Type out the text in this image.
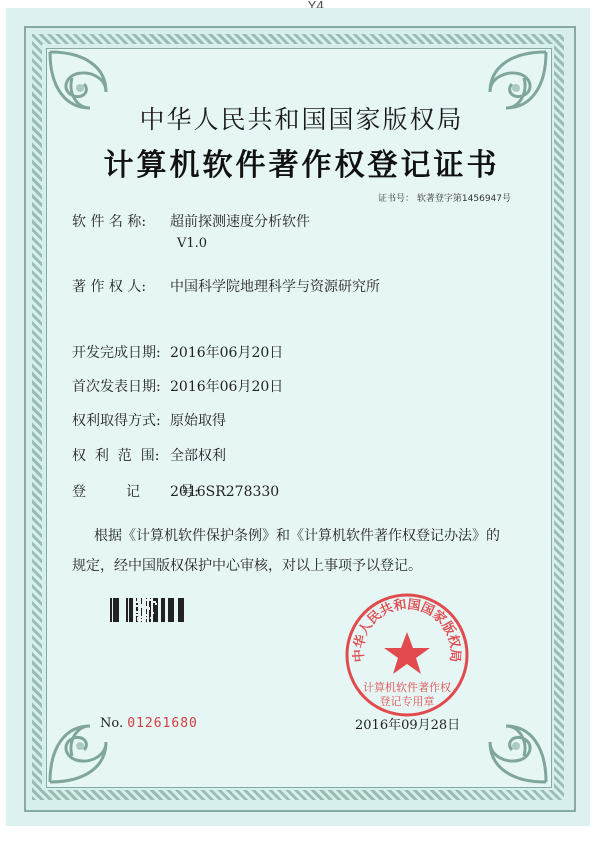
中华人民共和国国家版权局
计算机软件著作权登记证书
证书号： 软著登字第1456947号
软 件 名 称: 超前探测速度分析软件
V1.0
著 作 权 人: 中国科学院地理科学与资源研究所
开发完成日期: 2016年06月20日
首次发表日期: 2016年06月20日
权利取得方式: 原始取得
权  利  范  围: 全部权利
登         记         号:2016SR278330
根据《计算机软件保护条例》和《计算机软件著作权登记办法》的
规定，经中国版权保护中心审核，对以上事项予以登记。
No. 01261680	2016年09月28日
中华人民共和国国家版权局
计算机软件著作权
登记专用章
